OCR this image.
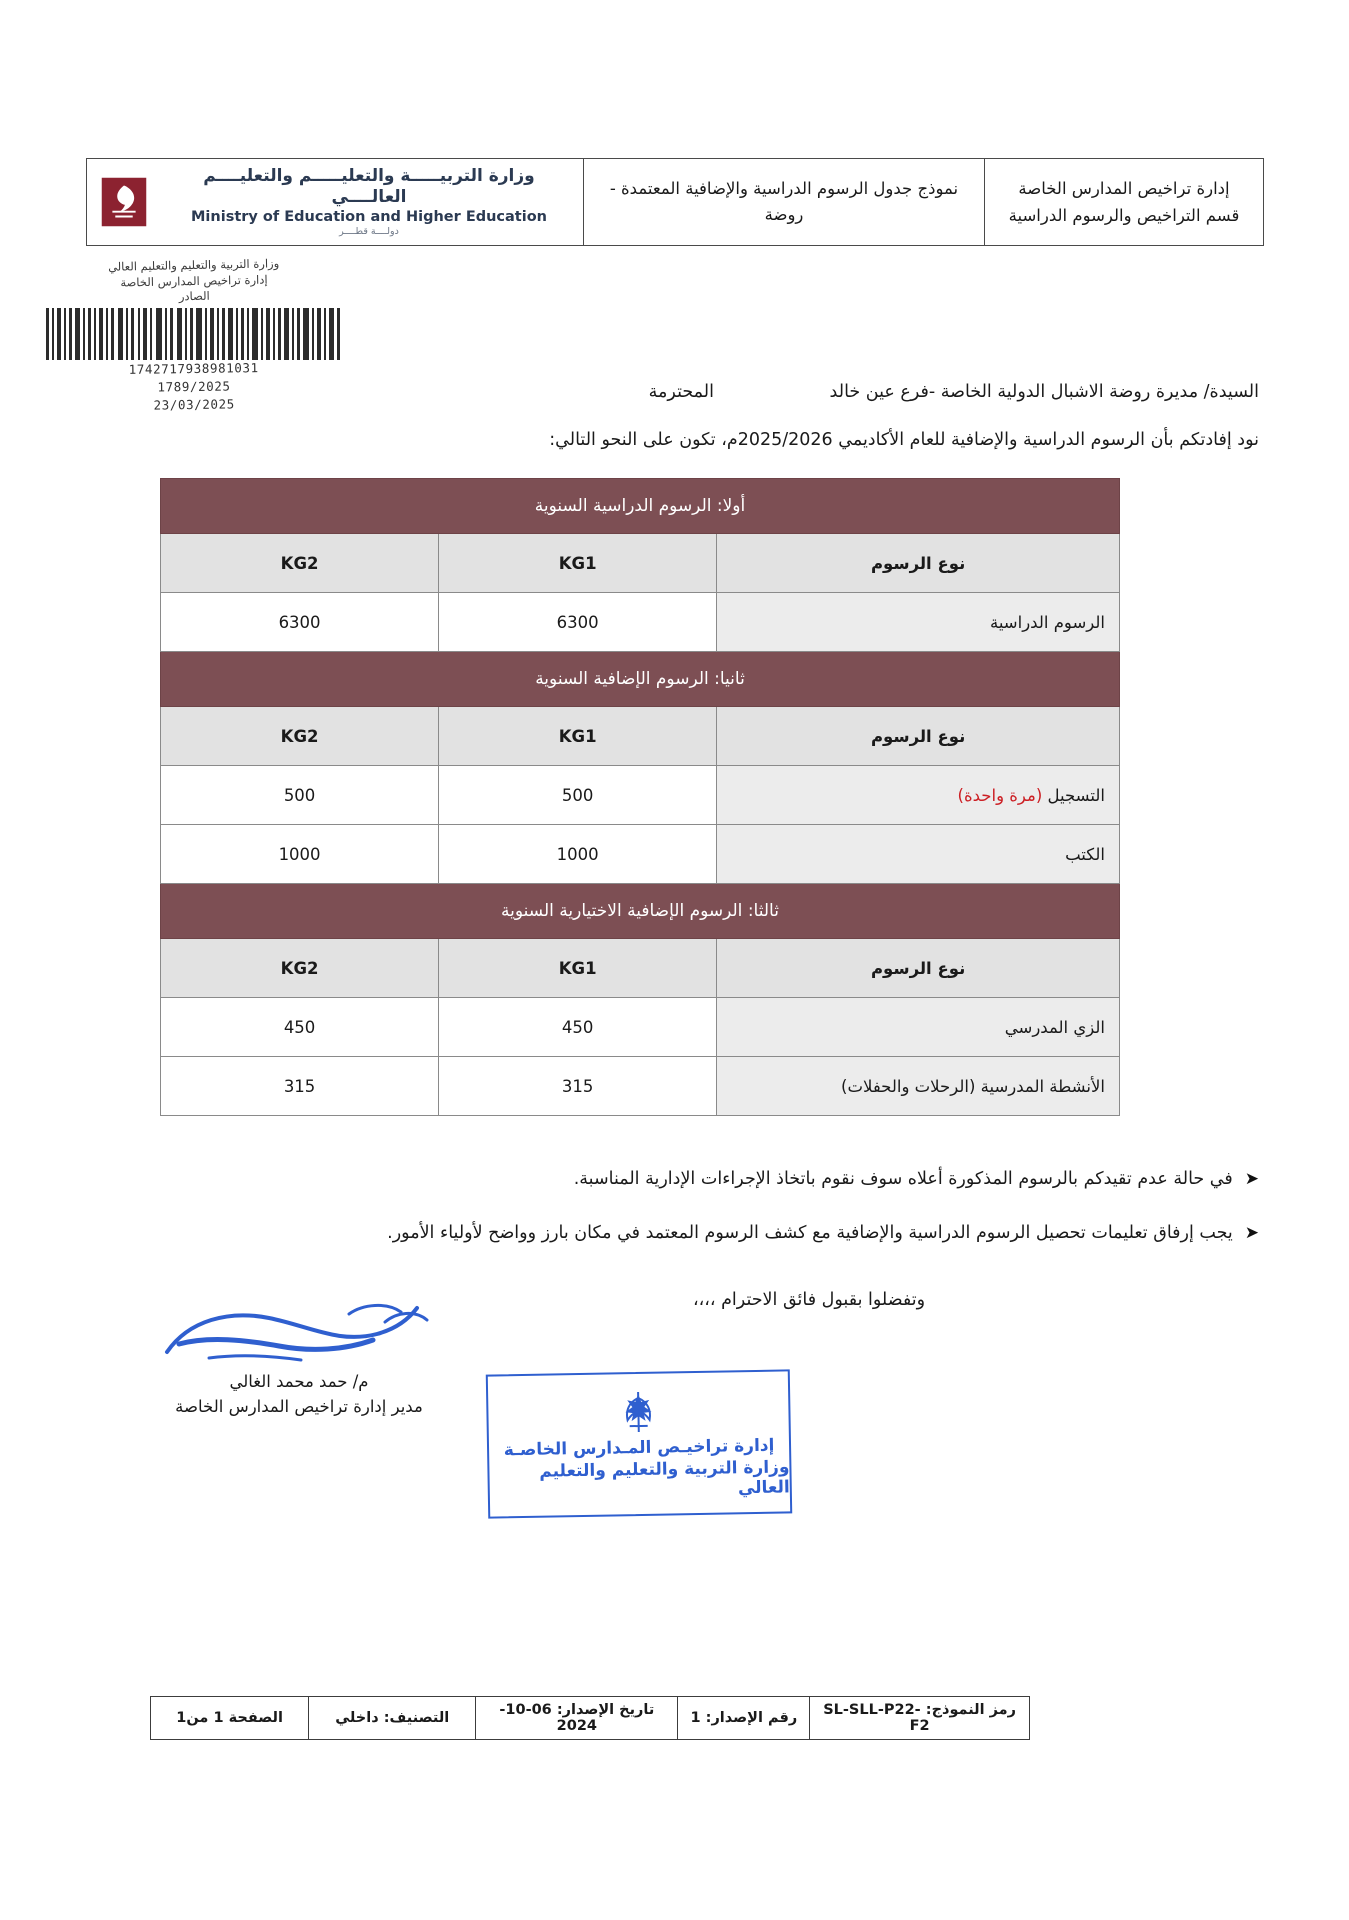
إدارة تراخيص المدارس الخاصة
قسم التراخيص والرسوم الدراسية

نموذج جدول الرسوم الدراسية والإضافية المعتمدة - روضة

وزارة التربيـــــة والتعليـــــم والتعليــــم العالــــي
Ministry of Education and Higher Education
دولــــة قطــــر
وزارة التربية والتعليم والتعليم العالي
إدارة تراخيص المدارس الخاصة
الصادر
1742717938981031
1789/2025
23/03/2025
السيدة/ مديرة روضة الاشبال الدولية الخاصة -فرع عين خالد المحترمة
نود إفادتكم بأن الرسوم الدراسية والإضافية للعام الأكاديمي 2025/2026م، تكون على النحو التالي:
أولا: الرسوم الدراسية السنوية		
نوع الرسوم	KG1	KG2
الرسوم الدراسية	6300	6300
ثانيا: الرسوم الإضافية السنوية		
نوع الرسوم	KG1	KG2
التسجيل (مرة واحدة)	500	500
الكتب	1000	1000
ثالثا: الرسوم الإضافية الاختيارية السنوية		
نوع الرسوم	KG1	KG2
الزي المدرسي	450	450
الأنشطة المدرسية (الرحلات والحفلات)	315	315
➤
في حالة عدم تقيدكم بالرسوم المذكورة أعلاه سوف نقوم باتخاذ الإجراءات الإدارية المناسبة.
➤
يجب إرفاق تعليمات تحصيل الرسوم الدراسية والإضافية مع كشف الرسوم المعتمد في مكان بارز وواضح لأولياء الأمور.
وتفضلوا بقبول فائق الاحترام ،،،،
م/ حمد محمد الغالي
مدير إدارة تراخيص المدارس الخاصة
إدارة تراخيـص المـدارس الخاصـة
وزارة التربية والتعليم والتعليم العالي
رمز النموذج: SL-SLL-P22-F2	رقم الإصدار: 1	تاريخ الإصدار: 06-10-2024	التصنيف: داخلي	الصفحة 1 من1
